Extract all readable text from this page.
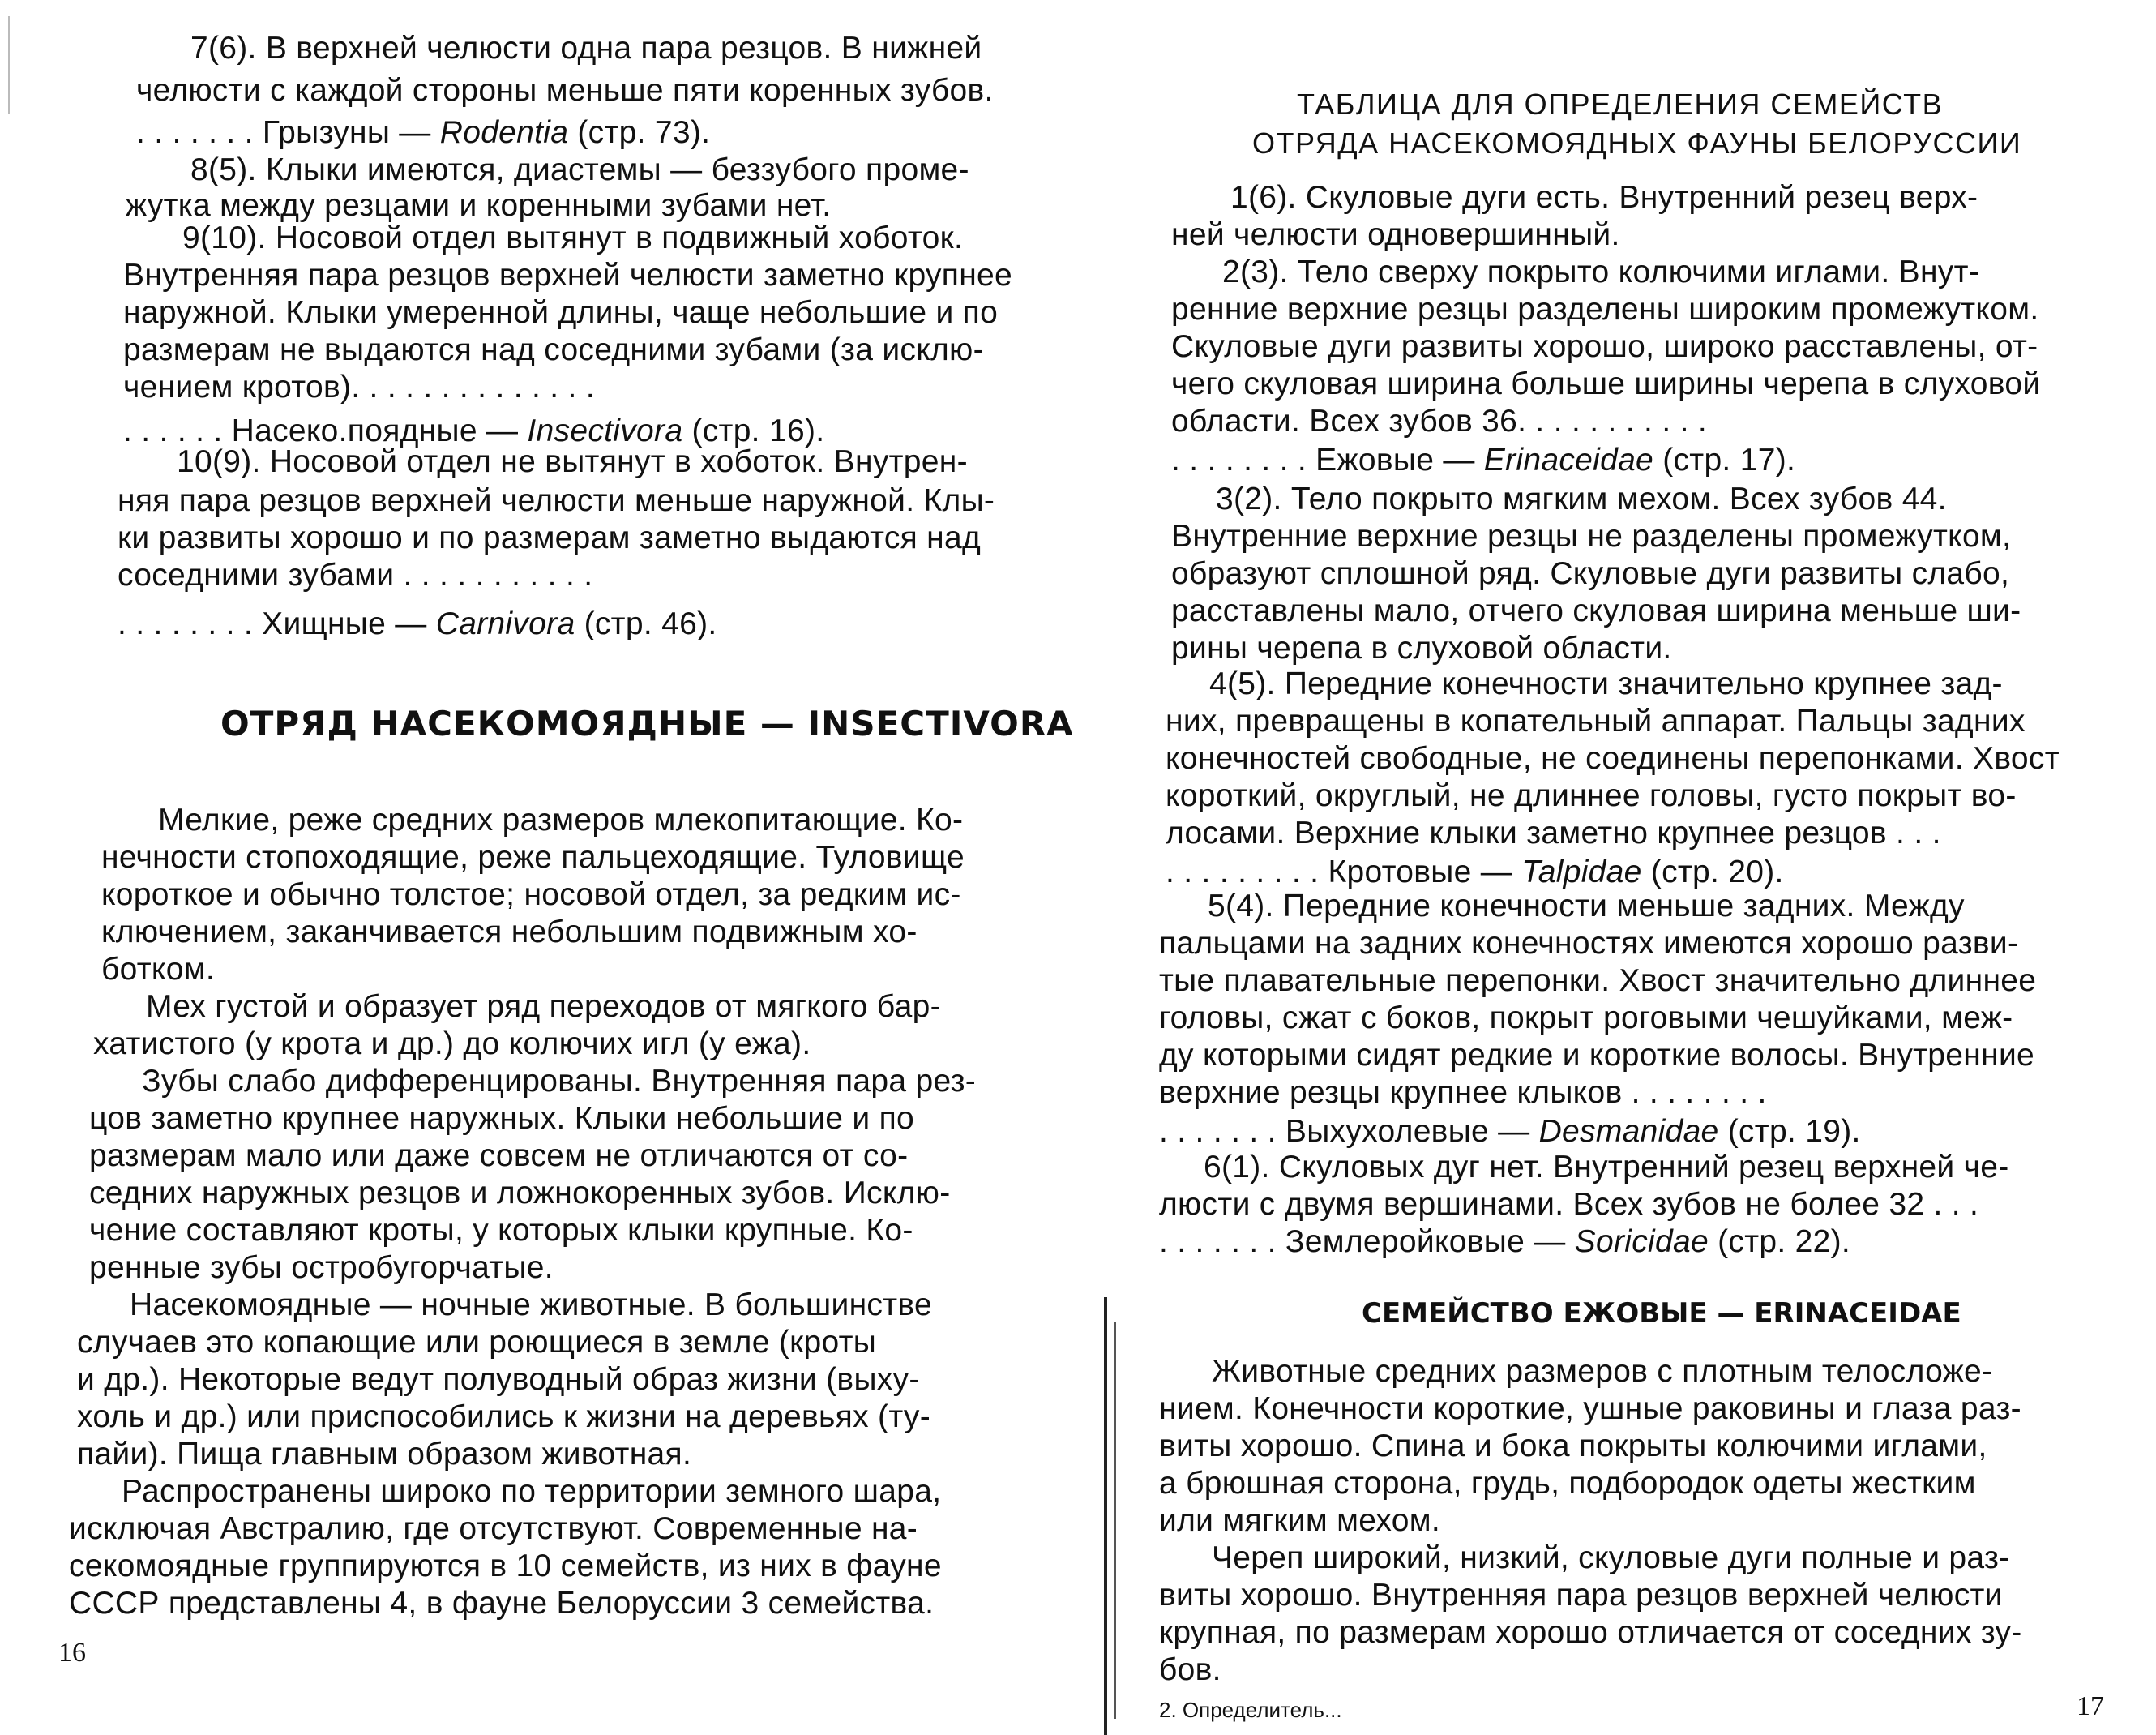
7(6). В верхней челюсти одна пара резцов. В нижней
челюсти с каждой стороны меньше пяти коренных зубов.
. . . . . . . Грызуны — Rodentia (стр. 73).
8(5). Клыки имеются, диастемы — беззубого проме-
жутка между резцами и коренными зубами нет.
9(10). Носовой отдел вытянут в подвижный хоботок.
Внутренняя пара резцов верхней челюсти заметно крупнее
наружной. Клыки умеренной длины, чаще небольшие и по
размерам не выдаются над соседними зубами (за исклю-
чением кротов). . . . . . . . . . . . . .
. . . . . . Насеко.поядные — Insectivora (стр. 16).
10(9). Носовой отдел не вытянут в хоботок. Внутрен-
няя пара резцов верхней челюсти меньше наружной. Клы-
ки развиты хорошо и по размерам заметно выдаются над
соседними зубами . . . . . . . . . . .
. . . . . . . . Хищные — Carnivora (стр. 46).
ОТРЯД НАСЕКОМОЯДНЫЕ — INSECTIVORA
Мелкие, реже средних размеров млекопитающие. Ко-
нечности стопоходящие, реже пальцеходящие. Туловище
короткое и обычно толстое; носовой отдел, за редким ис-
ключением, заканчивается небольшим подвижным хо-
ботком.
Мех густой и образует ряд переходов от мягкого бар-
хатистого (у крота и др.) до колючих игл (у ежа).
Зубы слабо дифференцированы. Внутренняя пара рез-
цов заметно крупнее наружных. Клыки небольшие и по
размерам мало или даже совсем не отличаются от со-
седних наружных резцов и ложнокоренных зубов. Исклю-
чение составляют кроты, у которых клыки крупные. Ко-
ренные зубы остробугорчатые.
Насекомоядные — ночные животные. В большинстве
случаев это копающие или роющиеся в земле (кроты
и др.). Некоторые ведут полуводный образ жизни (выху-
холь и др.) или приспособились к жизни на деревьях (ту-
пайи). Пища главным образом животная.
Распространены широко по территории земного шара,
исключая Австралию, где отсутствуют. Современные на-
секомоядные группируются в 10 семейств, из них в фауне
СССР представлены 4, в фауне Белоруссии 3 семейства.
16
ТАБЛИЦА ДЛЯ ОПРЕДЕЛЕНИЯ СЕМЕЙСТВ
ОТРЯДА НАСЕКОМОЯДНЫХ ФАУНЫ БЕЛОРУССИИ
1(6). Скуловые дуги есть. Внутренний резец верх-
ней челюсти одновершинный.
2(3). Тело сверху покрыто колючими иглами. Внут-
ренние верхние резцы разделены широким промежутком.
Скуловые дуги развиты хорошо, широко расставлены, от-
чего скуловая ширина больше ширины черепа в слуховой
области. Всех зубов 36. . . . . . . . . . .
. . . . . . . . Ежовые — Erinaceidae (стр. 17).
3(2). Тело покрыто мягким мехом. Всех зубов 44.
Внутренние верхние резцы не разделены промежутком,
образуют сплошной ряд. Скуловые дуги развиты слабо,
расставлены мало, отчего скуловая ширина меньше ши-
рины черепа в слуховой области.
4(5). Передние конечности значительно крупнее зад-
них, превращены в копательный аппарат. Пальцы задних
конечностей свободные, не соединены перепонками. Хвост
короткий, округлый, не длиннее головы, густо покрыт во-
лосами. Верхние клыки заметно крупнее резцов . . .
. . . . . . . . . Кротовые — Talpidae (стр. 20).
5(4). Передние конечности меньше задних. Между
пальцами на задних конечностях имеются хорошо разви-
тые плавательные перепонки. Хвост значительно длиннее
головы, сжат с боков, покрыт роговыми чешуйками, меж-
ду которыми сидят редкие и короткие волосы. Внутренние
верхние резцы крупнее клыков . . . . . . . .
. . . . . . . Выхухолевые — Desmanidae (стр. 19).
6(1). Скуловых дуг нет. Внутренний резец верхней че-
люсти с двумя вершинами. Всех зубов не более 32 . . .
. . . . . . . Землеройковые — Soricidae (стр. 22).
СЕМЕЙСТВО ЕЖОВЫЕ — ERINACEIDAE
Животные средних размеров с плотным телосложе-
нием. Конечности короткие, ушные раковины и глаза раз-
виты хорошо. Спина и бока покрыты колючими иглами,
а брюшная сторона, грудь, подбородок одеты жестким
или мягким мехом.
Череп широкий, низкий, скуловые дуги полные и раз-
виты хорошо. Внутренняя пара резцов верхней челюсти
крупная, по размерам хорошо отличается от соседних зу-
бов.
2. Определитель...	17
